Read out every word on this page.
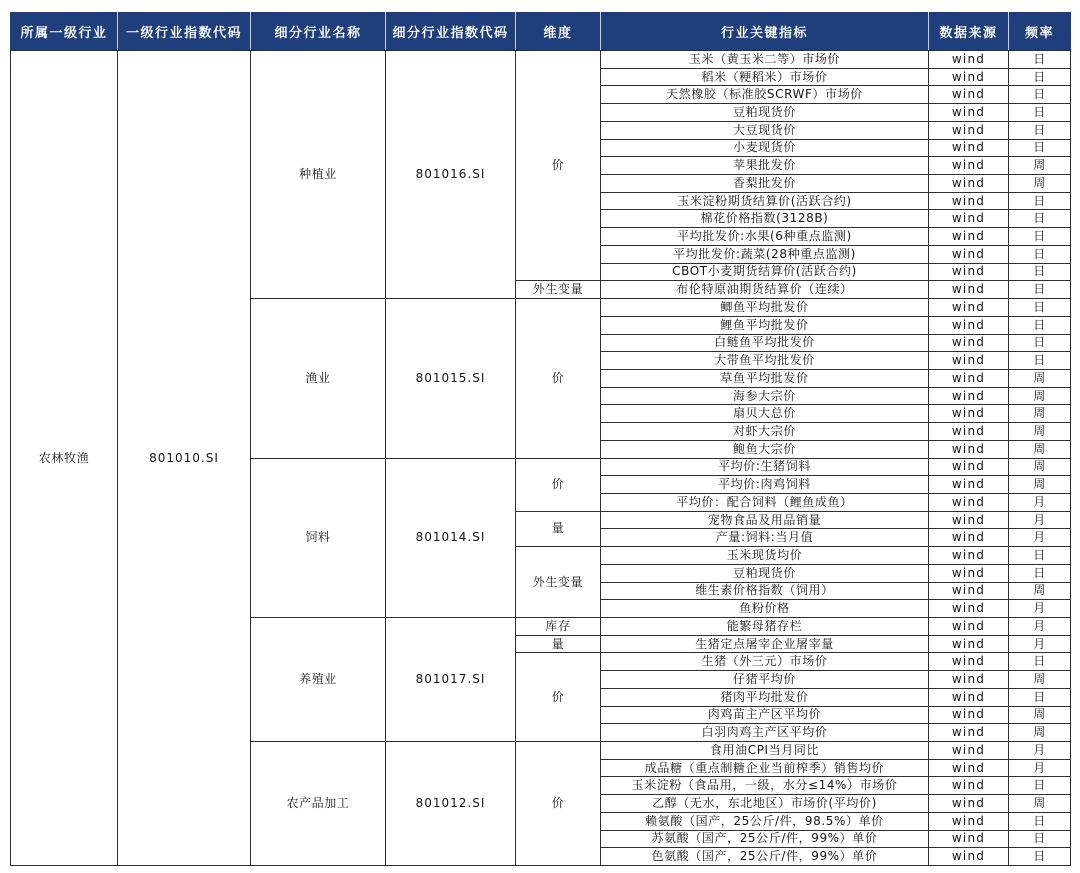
所属一级行业	一级行业指数代码	细分行业名称	细分行业指数代码	维度	行业关键指标	数据来源	频率
农林牧渔	801010.SI	种植业	801016.SI	价	玉米（黄玉米二等）市场价	wind	日
					稻米（粳稻米）市场价	wind	日
					天然橡胶（标准胶SCRWF）市场价	wind	日
					豆粕现货价	wind	日
					大豆现货价	wind	日
					小麦现货价	wind	日
					苹果批发价	wind	周
					香梨批发价	wind	周
					玉米淀粉期货结算价(活跃合约)	wind	日
					棉花价格指数(3128B)	wind	日
					平均批发价:水果(6种重点监测)	wind	日
					平均批发价:蔬菜(28种重点监测)	wind	日
					CBOT小麦期货结算价(活跃合约)	wind	日
				外生变量	布伦特原油期货结算价（连续）	wind	日
		渔业	801015.SI	价	鲫鱼平均批发价	wind	日
					鲤鱼平均批发价	wind	日
					白鲢鱼平均批发价	wind	日
					大带鱼平均批发价	wind	日
					草鱼平均批发价	wind	周
					海参大宗价	wind	周
					扇贝大总价	wind	周
					对虾大宗价	wind	周
					鲍鱼大宗价	wind	周
		饲料	801014.SI	价	平均价:生猪饲料	wind	周
					平均价:肉鸡饲料	wind	周
					平均价：配合饲料（鲤鱼成鱼）	wind	月
				量	宠物食品及用品销量	wind	月
					产量:饲料:当月值	wind	月
				外生变量	玉米现货均价	wind	日
					豆粕现货价	wind	日
					维生素价格指数（饲用）	wind	周
					鱼粉价格	wind	月
		养殖业	801017.SI	库存	能繁母猪存栏	wind	月
				量	生猪定点屠宰企业屠宰量	wind	月
				价	生猪（外三元）市场价	wind	日
					仔猪平均价	wind	周
					猪肉平均批发价	wind	日
					肉鸡苗主产区平均价	wind	周
					白羽肉鸡主产区平均价	wind	周
		农产品加工	801012.SI	价	食用油CPI当月同比	wind	月
					成品糖（重点制糖企业当前榨季）销售均价	wind	月
					玉米淀粉（食品用，一级，水分≤14%）市场价	wind	日
					乙醇（无水，东北地区）市场价(平均价)	wind	周
					赖氨酸（国产，25公斤/件，98.5%）单价	wind	日
					苏氨酸（国产，25公斤/件，99%）单价	wind	日
					色氨酸（国产，25公斤/件，99%）单价	wind	日
